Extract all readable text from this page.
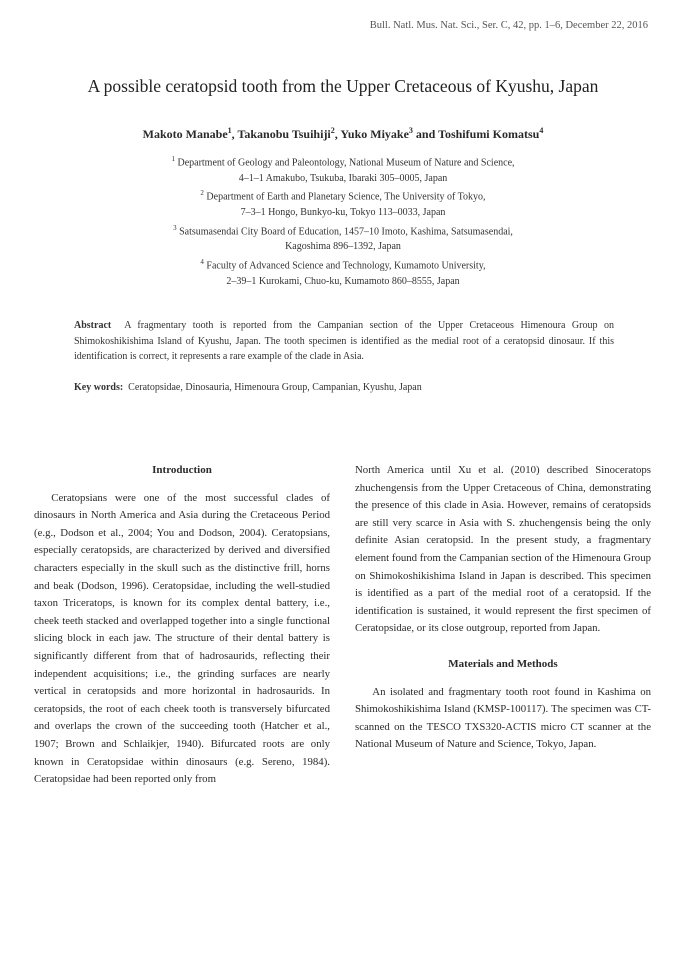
Bull. Natl. Mus. Nat. Sci., Ser. C, 42, pp. 1–6, December 22, 2016
A possible ceratopsid tooth from the Upper Cretaceous of Kyushu, Japan
Makoto Manabe$^1$, Takanobu Tsuihiji$^2$, Yuko Miyake$^3$ and Toshifumi Komatsu$^4$
$^1$ Department of Geology and Paleontology, National Museum of Nature and Science,
4–1–1 Amakubo, Tsukuba, Ibaraki 305–0005, Japan
$^2$ Department of Earth and Planetary Science, The University of Tokyo,
7–3–1 Hongo, Bunkyo-ku, Tokyo 113–0033, Japan
$^3$ Satsumasendai City Board of Education, 1457–10 Imoto, Kashima, Satsumasendai,
Kagoshima 896–1392, Japan
$^4$ Faculty of Advanced Science and Technology, Kumamoto University,
2–39–1 Kurokami, Chuo-ku, Kumamoto 860–8555, Japan
Abstract A fragmentary tooth is reported from the Campanian section of the Upper Cretaceous Himenoura Group on Shimokoshikishima Island of Kyushu, Japan. The tooth specimen is identified as the medial root of a ceratopsid dinosaur. If this identification is correct, it represents a rare example of the clade in Asia.
Key words: Ceratopsidae, Dinosauria, Himenoura Group, Campanian, Kyushu, Japan
Introduction

Ceratopsians were one of the most successful clades of dinosaurs in North America and Asia during the Cretaceous Period (e.g., Dodson et al., 2004; You and Dodson, 2004). Ceratopsians, especially ceratopsids, are characterized by derived and diversified characters especially in the skull such as the distinctive frill, horns and beak (Dodson, 1996). Ceratopsidae, including the well-studied taxon Triceratops, is known for its complex dental battery, i.e., cheek teeth stacked and overlapped together into a single functional slicing block in each jaw. The structure of their dental battery is significantly different from that of hadrosaurids, reflecting their independent acquisitions; i.e., the grinding surfaces are nearly vertical in ceratopsids and more horizontal in hadrosaurids. In ceratopsids, the root of each cheek tooth is transversely bifurcated and overlaps the crown of the succeeding tooth (Hatcher et al., 1907; Brown and Schlaikjer, 1940). Bifurcated roots are only known in Ceratopsidae within dinosaurs (e.g. Sereno, 1984). Ceratopsidae had been reported only from

North America until Xu et al. (2010) described Sinoceratops zhuchengensis from the Upper Cretaceous of China, demonstrating the presence of this clade in Asia. However, remains of ceratopsids are still very scarce in Asia with S. zhuchengensis being the only definite Asian ceratopsid. In the present study, a fragmentary element found from the Campanian section of the Himenoura Group on Shimokoshikishima Island in Japan is described. This specimen is identified as a part of the medial root of a ceratopsid. If the identification is sustained, it would represent the first specimen of Ceratopsidae, or its close outgroup, reported from Japan.

Materials and Methods

An isolated and fragmentary tooth root found in Kashima on Shimokoshikishima Island (KMSP-100117). The specimen was CT-scanned on the TESCO TXS320-ACTIS micro CT scanner at the National Museum of Nature and Science, Tokyo, Japan.
